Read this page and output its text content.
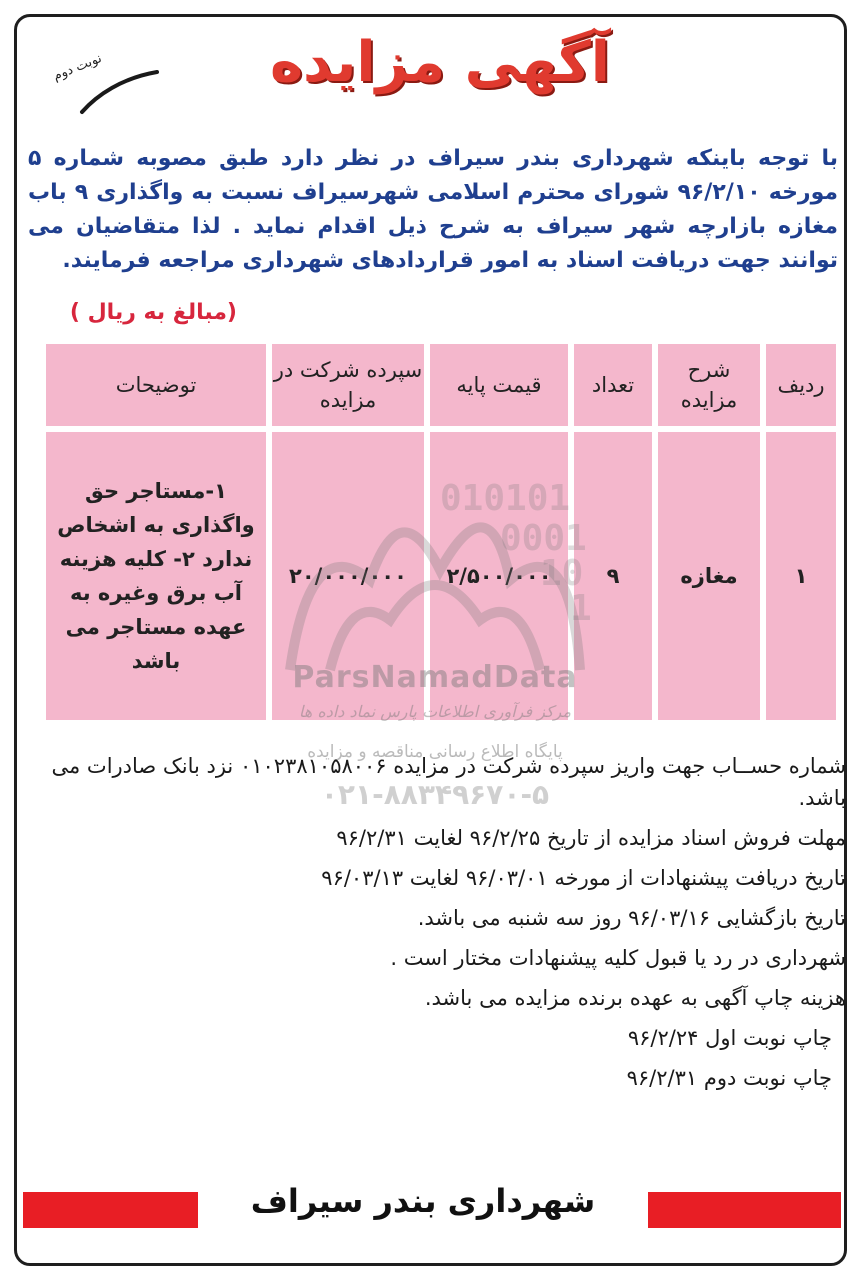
نوبت دوم	آگهی مزایده
با توجه باینکه شهرداری بندر سیراف در نظر دارد طبق مصوبه شماره ۵ مورخه ۹۶/۲/۱۰ شورای محترم اسلامی شهرسیراف نسبت به واگذاری ۹ باب مغازه بازارچه شهر سیراف به شرح ذیل اقدام نماید . لذا متقاضیان می توانند جهت دریافت اسناد به امور قراردادهای شهرداری مراجعه فرمایند.
(مبالغ به ریال )
ردیف	شرح مزایده	تعداد	قیمت پایه	سپرده شرکت در مزایده	توضیحات
۱	مغازه	۹	۲/۵۰۰/۰۰۰	۲۰/۰۰۰/۰۰۰	۱-مستاجر حق واگذاری به اشخاص ندارد ۲- کلیه هزینه آب برق وغیره به عهده مستاجر می باشد
010101
0001
10
1
ParsNamadData
مرکز فرآوری اطلاعات پارس نماد داده ها
پایگاه اطلاع رسانی مناقصه و مزایده
۰۲۱-۸۸۳۴۹۶۷۰-۵

شماره حســاب جهت واریز سپرده شرکت در مزایده ۰۱۰۲۳۸۱۰۵۸۰۰۶ نزد بانک صادرات می باشد.

مهلت فروش اسناد مزایده از تاریخ ۹۶/۲/۲۵ لغایت ۹۶/۲/۳۱

تاریخ دریافت پیشنهادات از مورخه ۹۶/۰۳/۰۱ لغایت ۹۶/۰۳/۱۳

تاریخ بازگشایی ۹۶/۰۳/۱۶ روز سه شنبه می باشد.

شهرداری در رد یا قبول کلیه پیشنهادات مختار است .

هزینه چاپ آگهی به عهده برنده مزایده می باشد.

چاپ نوبت اول ۹۶/۲/۲۴

چاپ نوبت دوم ۹۶/۲/۳۱

شهرداری بندر سیراف
